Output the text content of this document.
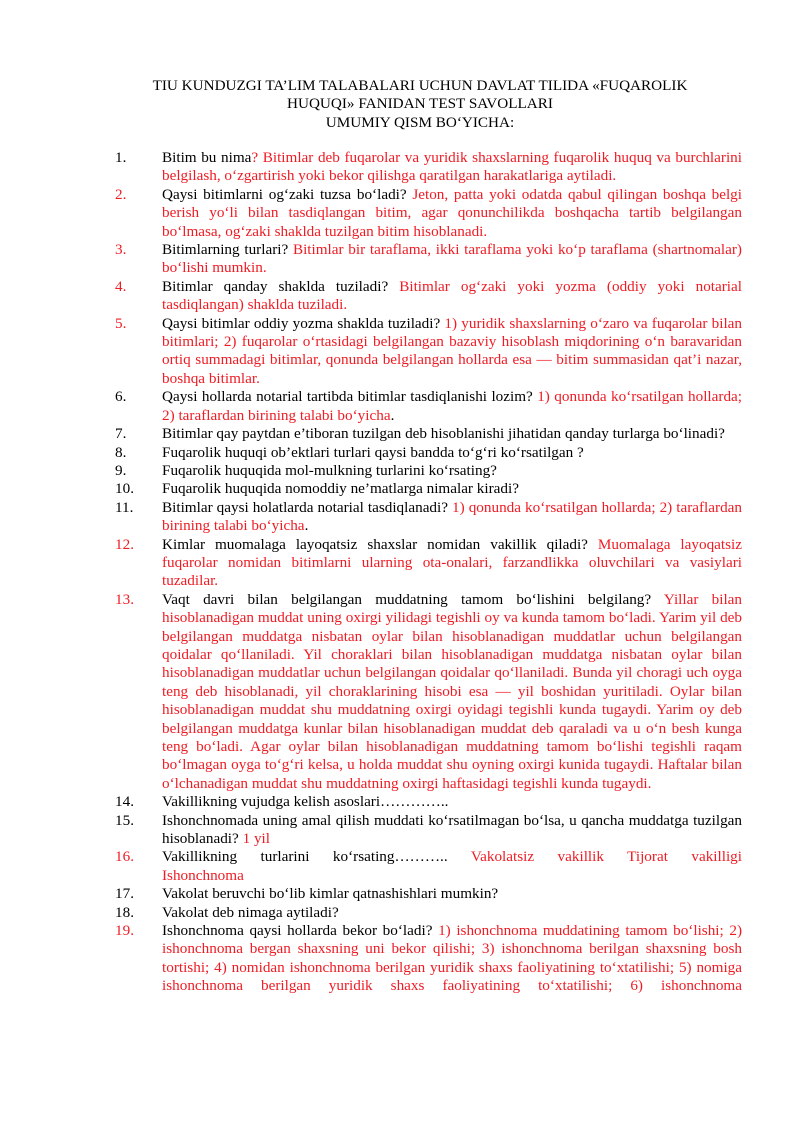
TIU KUNDUZGI TA’LIM TALABALARI UCHUN DAVLAT TILIDA «FUQAROLIK
HUQUQI» FANIDAN TEST SAVOLLARI
UMUMIY QISM BO‘YICHA:
1. Bitim bu nima? Bitimlar deb fuqarolar va yuridik shaxslarning fuqarolik huquq va burchlarini belgilash, o‘zgartirish yoki bekor qilishga qaratilgan harakatlariga aytiladi.
2. Qaysi bitimlarni og‘zaki tuzsa bo‘ladi? Jeton, patta yoki odatda qabul qilingan boshqa belgi berish yo‘li bilan tasdiqlangan bitim, agar qonunchilikda boshqacha tartib belgilangan bo‘lmasa, og‘zaki shaklda tuzilgan bitim hisoblanadi.
3. Bitimlarning turlari? Bitimlar bir taraflama, ikki taraflama yoki ko‘p taraflama (shartnomalar) bo‘lishi mumkin.
4. Bitimlar qanday shaklda tuziladi? Bitimlar og‘zaki yoki yozma (oddiy yoki notarial tasdiqlangan) shaklda tuziladi.
5. Qaysi bitimlar oddiy yozma shaklda tuziladi? 1) yuridik shaxslarning o‘zaro va fuqarolar bilan bitimlari; 2) fuqarolar o‘rtasidagi belgilangan bazaviy hisoblash miqdorining o‘n baravaridan ortiq summadagi bitimlar, qonunda belgilangan hollarda esa — bitim summasidan qat’i nazar, boshqa bitimlar.
6. Qaysi hollarda notarial tartibda bitimlar tasdiqlanishi lozim? 1) qonunda ko‘rsatilgan hollarda; 2) taraflardan birining talabi bo‘yicha.
7. Bitimlar qay paytdan e’tiboran tuzilgan deb hisoblanishi jihatidan qanday turlarga bo‘linadi?
8. Fuqarolik huquqi ob’ektlari turlari qaysi bandda to‘g‘ri ko‘rsatilgan ?
9. Fuqarolik huquqida mol-mulkning turlarini ko‘rsating?
10. Fuqarolik huquqida nomoddiy ne’matlarga nimalar kiradi?
11. Bitimlar qaysi holatlarda notarial tasdiqlanadi? 1) qonunda ko‘rsatilgan hollarda; 2) taraflardan birining talabi bo‘yicha.
12. Kimlar muomalaga layoqatsiz shaxslar nomidan vakillik qiladi? Muomalaga layoqatsiz fuqarolar nomidan bitimlarni ularning ota-onalari, farzandlikka oluvchilari va vasiylari tuzadilar.
13. Vaqt davri bilan belgilangan muddatning tamom bo‘lishini belgilang? Yillar bilan hisoblanadigan muddat uning oxirgi yilidagi tegishli oy va kunda tamom bo‘ladi. Yarim yil deb belgilangan muddatga nisbatan oylar bilan hisoblanadigan muddatlar uchun belgilangan qoidalar qo‘llaniladi. Yil choraklari bilan hisoblanadigan muddatga nisbatan oylar bilan hisoblanadigan muddatlar uchun belgilangan qoidalar qo‘llaniladi. Bunda yil choragi uch oyga teng deb hisoblanadi, yil choraklarining hisobi esa — yil boshidan yuritiladi. Oylar bilan hisoblanadigan muddat shu muddatning oxirgi oyidagi tegishli kunda tugaydi. Yarim oy deb belgilangan muddatga kunlar bilan hisoblanadigan muddat deb qaraladi va u o‘n besh kunga teng bo‘ladi. Agar oylar bilan hisoblanadigan muddatning tamom bo‘lishi tegishli raqam bo‘lmagan oyga to‘g‘ri kelsa, u holda muddat shu oyning oxirgi kunida tugaydi. Haftalar bilan o‘lchanadigan muddat shu muddatning oxirgi haftasidagi tegishli kunda tugaydi.
14. Vakillikning vujudga kelish asoslari…………..
15. Ishonchnomada uning amal qilish muddati ko‘rsatilmagan bo‘lsa, u qancha muddatga tuzilgan hisoblanadi? 1 yil
16. Vakillikning turlarini ko‘rsating……….. Vakolatsiz vakillik Tijorat vakilligi
Ishonchnoma
17. Vakolat beruvchi bo‘lib kimlar qatnashishlari mumkin?
18. Vakolat deb nimaga aytiladi?
19. Ishonchnoma qaysi hollarda bekor bo‘ladi? 1) ishonchnoma muddatining tamom bo‘lishi; 2) ishonchnoma bergan shaxsning uni bekor qilishi; 3) ishonchnoma berilgan shaxsning bosh tortishi; 4) nomidan ishonchnoma berilgan yuridik shaxs faoliyatining to‘xtatilishi; 5) nomiga ishonchnoma berilgan yuridik shaxs faoliyatining to‘xtatilishi; 6) ishonchnoma
